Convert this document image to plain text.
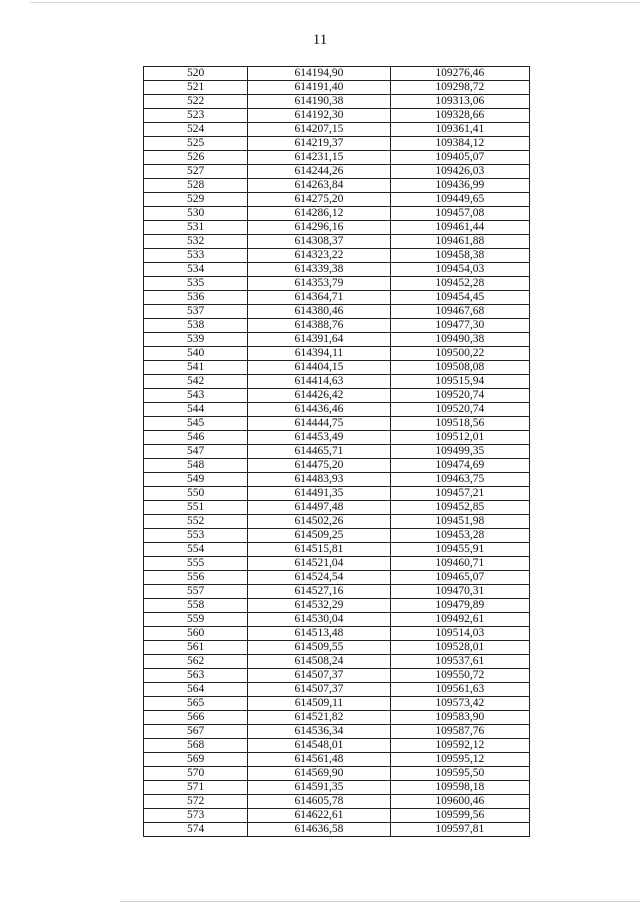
11
520	614194,90	109276,46
521	614191,40	109298,72
522	614190,38	109313,06
523	614192,30	109328,66
524	614207,15	109361,41
525	614219,37	109384,12
526	614231,15	109405,07
527	614244,26	109426,03
528	614263,84	109436,99
529	614275,20	109449,65
530	614286,12	109457,08
531	614296,16	109461,44
532	614308,37	109461,88
533	614323,22	109458,38
534	614339,38	109454,03
535	614353,79	109452,28
536	614364,71	109454,45
537	614380,46	109467,68
538	614388,76	109477,30
539	614391,64	109490,38
540	614394,11	109500,22
541	614404,15	109508,08
542	614414,63	109515,94
543	614426,42	109520,74
544	614436,46	109520,74
545	614444,75	109518,56
546	614453,49	109512,01
547	614465,71	109499,35
548	614475,20	109474,69
549	614483,93	109463,75
550	614491,35	109457,21
551	614497,48	109452,85
552	614502,26	109451,98
553	614509,25	109453,28
554	614515,81	109455,91
555	614521,04	109460,71
556	614524,54	109465,07
557	614527,16	109470,31
558	614532,29	109479,89
559	614530,04	109492,61
560	614513,48	109514,03
561	614509,55	109528,01
562	614508,24	109537,61
563	614507,37	109550,72
564	614507,37	109561,63
565	614509,11	109573,42
566	614521,82	109583,90
567	614536,34	109587,76
568	614548,01	109592,12
569	614561,48	109595,12
570	614569,90	109595,50
571	614591,35	109598,18
572	614605,78	109600,46
573	614622,61	109599,56
574	614636,58	109597,81
